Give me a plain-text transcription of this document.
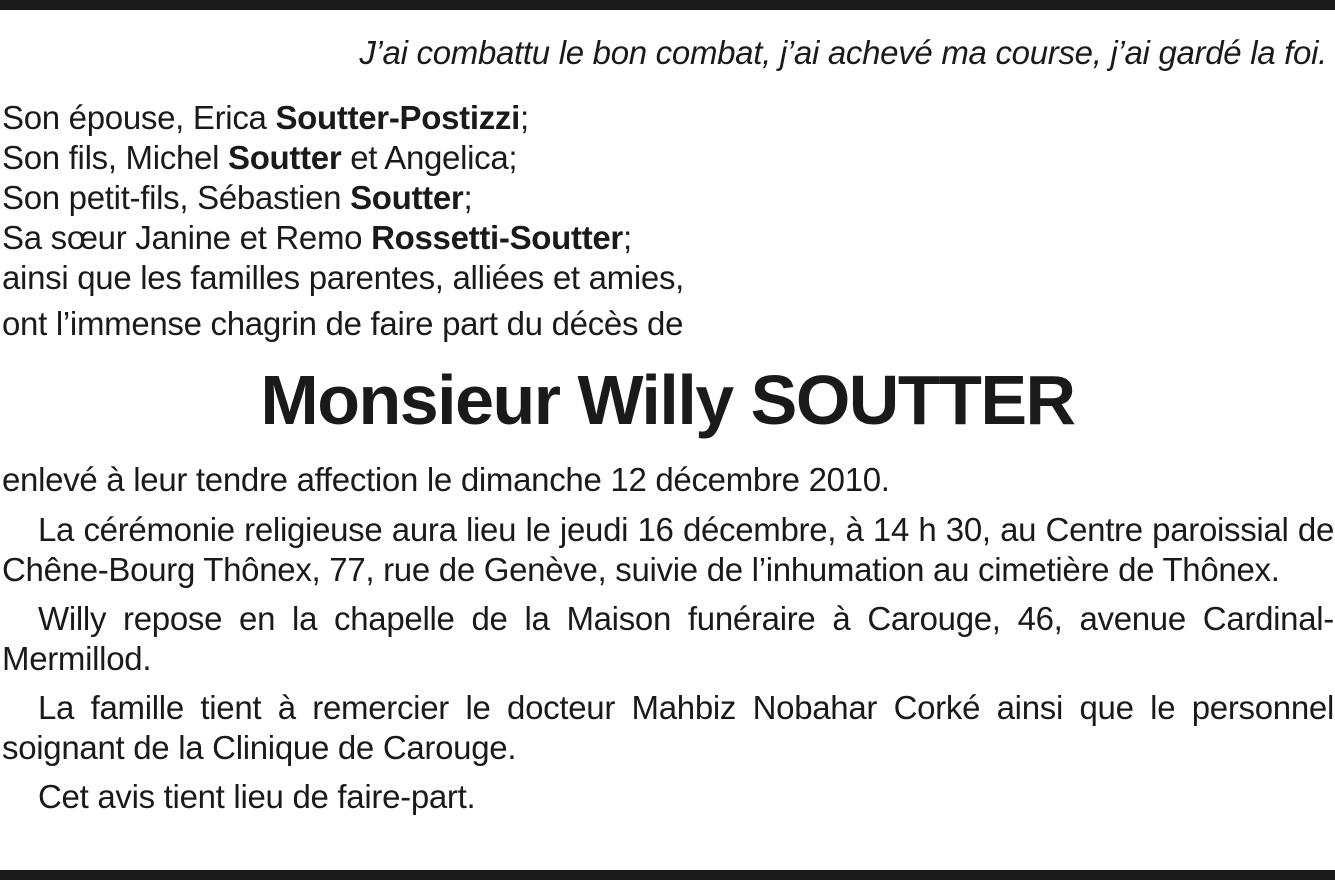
J’ai combattu le bon combat, j’ai achevé ma course, j’ai gardé la foi.
Son épouse, Erica Soutter-Postizzi;
Son fils, Michel Soutter et Angelica;
Son petit-fils, Sébastien Soutter;
Sa sœur Janine et Remo Rossetti-Soutter;
ainsi que les familles parentes, alliées et amies,
ont l’immense chagrin de faire part du décès de
Monsieur Willy SOUTTER
enlevé à leur tendre affection le dimanche 12 décembre 2010.

La cérémonie religieuse aura lieu le jeudi 16 décembre, à 14 h 30, au Centre paroissial de Chêne-Bourg Thônex, 77, rue de Genève, suivie de l’inhumation au cimetière de Thônex.

Willy repose en la chapelle de la Maison funéraire à Carouge, 46, avenue Cardinal-Mermillod.

La famille tient à remercier le docteur Mahbiz Nobahar Corké ainsi que le personnel soignant de la Clinique de Carouge.

Cet avis tient lieu de faire-part.
